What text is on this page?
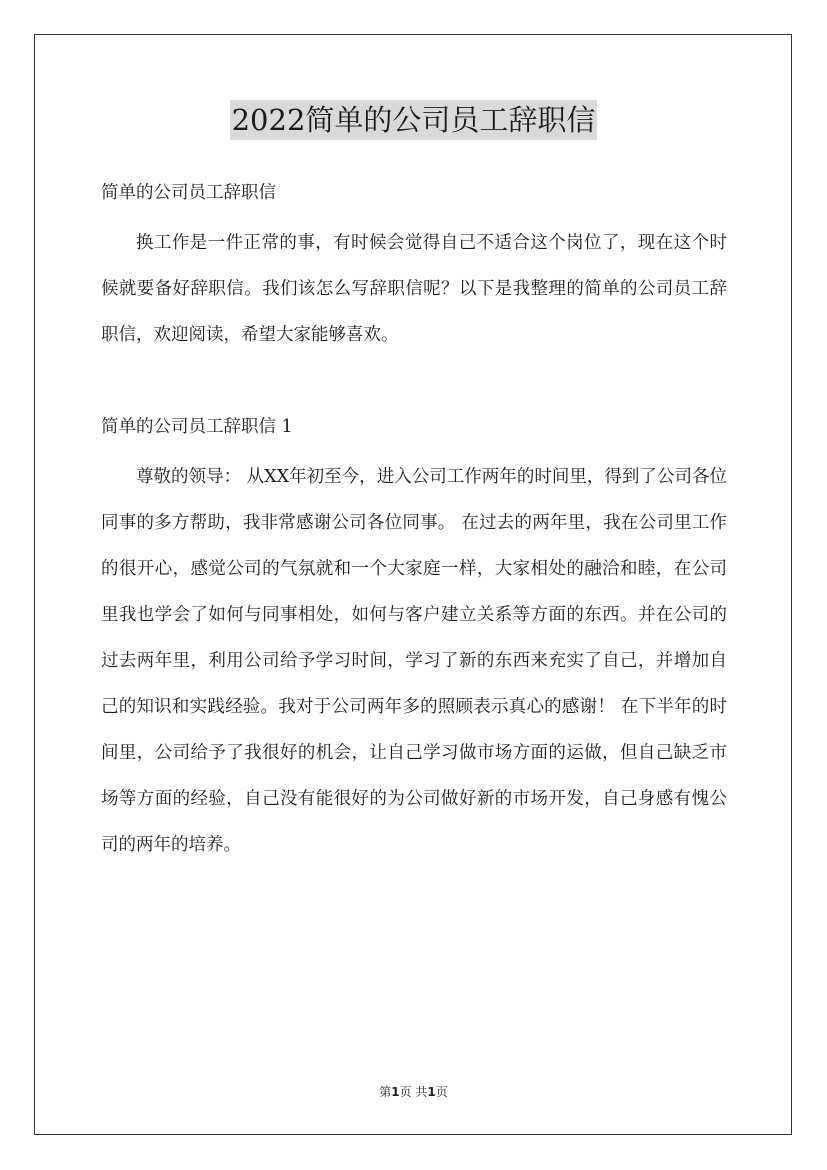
2022简单的公司员工辞职信

简单的公司员工辞职信

换工作是一件正常的事，有时候会觉得自己不适合这个岗位了，现在这个时候就要备好辞职信。我们该怎么写辞职信呢？以下是我整理的简单的公司员工辞职信，欢迎阅读，希望大家能够喜欢。

简单的公司员工辞职信 1

尊敬的领导： 从XX年初至今，进入公司工作两年的时间里，得到了公司各位同事的多方帮助，我非常感谢公司各位同事。 在过去的两年里，我在公司里工作的很开心，感觉公司的气氛就和一个大家庭一样，大家相处的融洽和睦，在公司里我也学会了如何与同事相处，如何与客户建立关系等方面的东西。并在公司的过去两年里，利用公司给予学习时间，学习了新的东西来充实了自己，并增加自己的知识和实践经验。我对于公司两年多的照顾表示真心的感谢！ 在下半年的时间里，公司给予了我很好的机会，让自己学习做市场方面的运做，但自己缺乏市场等方面的经验，自己没有能很好的为公司做好新的市场开发，自己身感有愧公司的两年的培养。

第1页 共1页
